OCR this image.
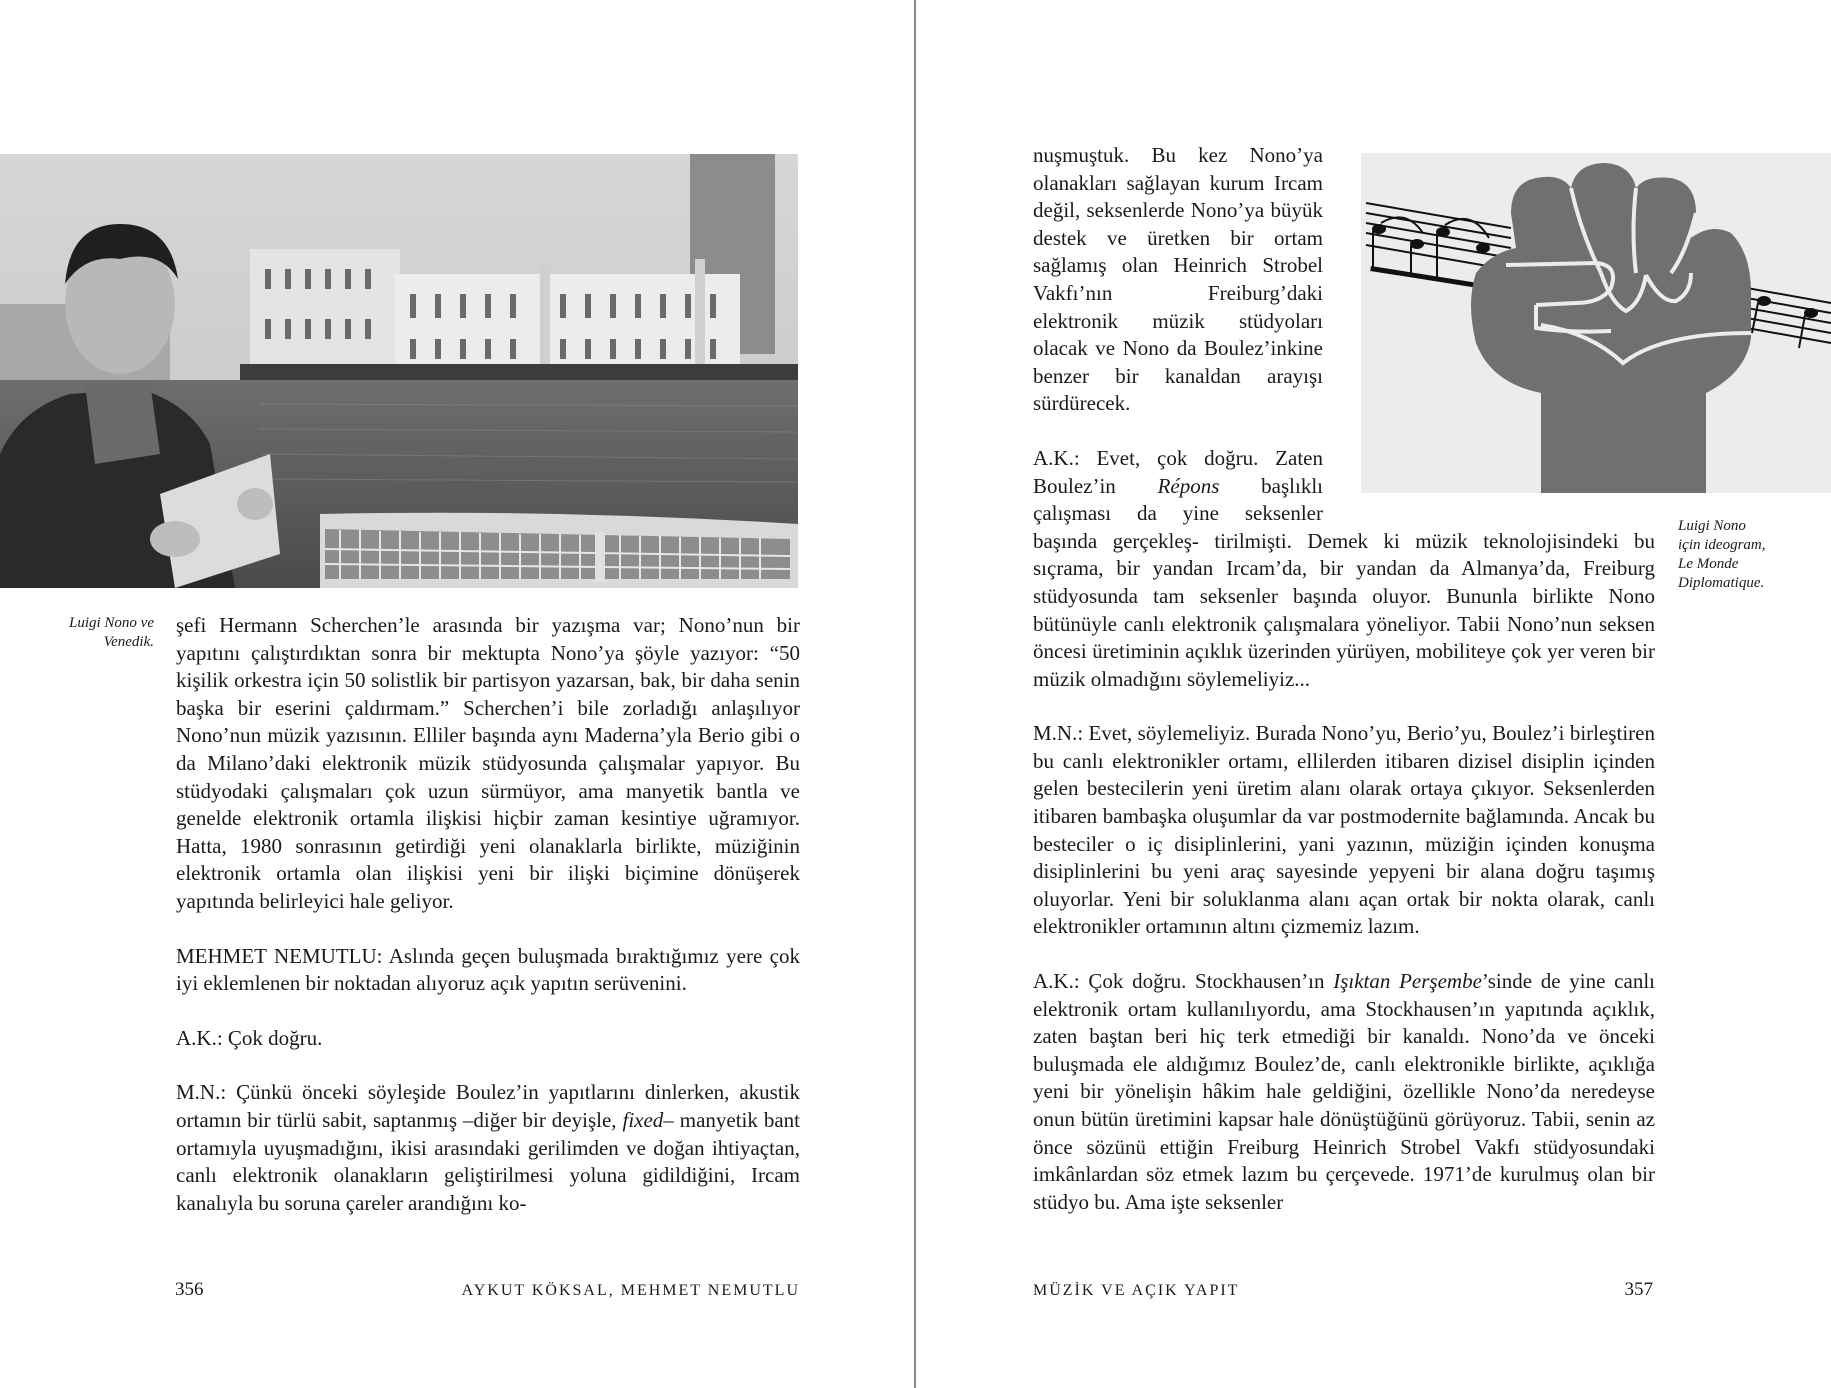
Luigi Nono ve
Venedik.

şefi Hermann Scherchen’le arasında bir yazışma var; Nono’nun bir yapıtını çalıştırdıktan sonra bir mektupta Nono’ya şöyle yazıyor: “50 kişilik orkestra için 50 solistlik bir partisyon yazarsan, bak, bir daha senin başka bir eserini çaldırmam.” Scherchen’i bile zorladığı anlaşılıyor Nono’nun müzik yazısının. Elliler başında aynı Maderna’yla Berio gibi o da Milano’daki elektronik müzik stüdyosunda çalışmalar yapıyor. Bu stüdyodaki çalışmaları çok uzun sürmüyor, ama manyetik bantla ve genelde elektronik ortamla ilişkisi hiçbir zaman kesintiye uğramıyor. Hatta, 1980 sonrasının getirdiği yeni olanaklarla birlikte, müziğinin elektronik ortamla olan ilişkisi yeni bir ilişki biçimine dönüşerek yapıtında belirleyici hale geliyor.

MEHMET NEMUTLU: Aslında geçen buluşmada bıraktığımız yere çok iyi eklemlenen bir noktadan alıyoruz açık yapıtın serüvenini.

A.K.: Çok doğru.

M.N.: Çünkü önceki söyleşide Boulez’in yapıtlarını dinlerken, akustik ortamın bir türlü sabit, saptanmış –diğer bir deyişle, fixed– manyetik bant ortamıyla uyuşmadığını, ikisi arasındaki gerilimden ve doğan ihtiyaçtan, canlı elektronik olanakların geliştirilmesi yoluna gidildiğini, Ircam kanalıyla bu soruna çareler arandığını ko-

356	AYKUT KÖKSAL, MEHMET NEMUTLU
Luigi Nono
için ideogram,
Le Monde
Diplomatique.

nuşmuştuk. Bu kez Nono’ya olanakları sağlayan kurum Ircam değil, seksenlerde Nono’ya büyük destek ve üretken bir ortam sağlamış olan Heinrich Strobel Vakfı’nın Freiburg’daki elektronik müzik stüdyoları olacak ve Nono da Boulez’inkine benzer bir kanaldan arayışı sürdürecek.

A.K.: Evet, çok doğru. Zaten Boulez’in Répons başlıklı çalışması da yine seksenler başında gerçekleş- tirilmişti. Demek ki müzik teknolojisindeki bu sıçrama, bir yandan Ircam’da, bir yandan da Almanya’da, Freiburg stüdyosunda tam seksenler başında oluyor. Bununla birlikte Nono bütünüyle canlı elektronik çalışmalara yöneliyor. Tabii Nono’nun seksen öncesi üretiminin açıklık üzerinden yürüyen, mobiliteye çok yer veren bir müzik olmadığını söylemeliyiz...

M.N.: Evet, söylemeliyiz. Burada Nono’yu, Berio’yu, Boulez’i birleştiren bu canlı elektronikler ortamı, ellilerden itibaren dizisel disiplin içinden gelen bestecilerin yeni üretim alanı olarak ortaya çıkıyor. Seksenlerden itibaren bambaşka oluşumlar da var postmodernite bağlamında. Ancak bu besteciler o iç disiplinlerini, yani yazının, müziğin içinden konuşma disiplinlerini bu yeni araç sayesinde yepyeni bir alana doğru taşımış oluyorlar. Yeni bir soluklanma alanı açan ortak bir nokta olarak, canlı elektronikler ortamının altını çizmemiz lazım.

A.K.: Çok doğru. Stockhausen’ın Işıktan Perşembe’sinde de yine canlı elektronik ortam kullanılıyordu, ama Stockhausen’ın yapıtında açıklık, zaten baştan beri hiç terk etmediği bir kanaldı. Nono’da ve önceki buluşmada ele aldığımız Boulez’de, canlı elektronikle birlikte, açıklığa yeni bir yönelişin hâkim hale geldiğini, özellikle Nono’da neredeyse onun bütün üretimini kapsar hale dönüştüğünü görüyoruz. Tabii, senin az önce sözünü ettiğin Freiburg Heinrich Strobel Vakfı stüdyosundaki imkânlardan söz etmek lazım bu çerçevede. 1971’de kurulmuş olan bir stüdyo bu. Ama işte seksenler

MÜZİK VE AÇIK YAPIT	357
